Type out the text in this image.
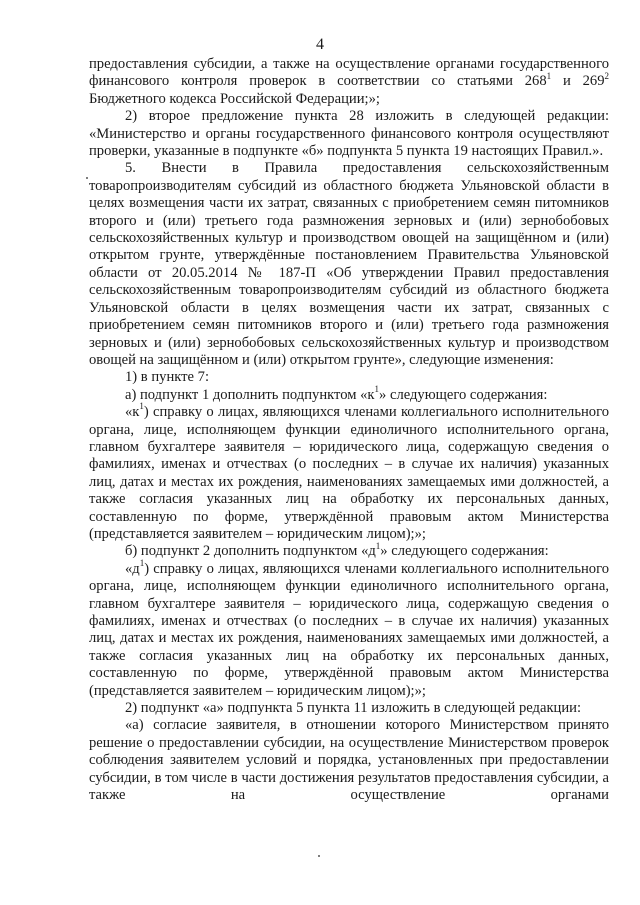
4

предоставления субсидии, а также на осуществление органами государственного финансового контроля проверок в соответствии со статьями $268^1$ и $269^2$ Бюджетного кодекса Российской Федерации;»;

2) второе предложение пункта 28 изложить в следующей редакции: «Министерство и органы государственного финансового контроля осуществляют проверки, указанные в подпункте «б» подпункта 5 пункта 19 настоящих Правил.».

5. Внести в Правила предоставления сельскохозяйственным товаропроизводителям субсидий из областного бюджета Ульяновской области в целях возмещения части их затрат, связанных с приобретением семян питомников второго и (или) третьего года размножения зерновых и (или) зернобобовых сельскохозяйственных культур и производством овощей на защищённом и (или) открытом грунте, утверждённые постановлением Правительства Ульяновской области от 20.05.2014 № 187-П «Об утверждении Правил предоставления сельскохозяйственным товаропроизводителям субсидий из областного бюджета Ульяновской области в целях возмещения части их затрат, связанных с приобретением семян питомников второго и (или) третьего года размножения зерновых и (или) зернобобовых сельскохозяйственных культур и производством овощей на защищённом и (или) открытом грунте», следующие изменения:

1) в пункте 7:

а) подпункт 1 дополнить подпунктом «$к^1$» следующего содержания:

«$к^1$) справку о лицах, являющихся членами коллегиального исполнительного органа, лице, исполняющем функции единоличного исполнительного органа, главном бухгалтере заявителя – юридического лица, содержащую сведения о фамилиях, именах и отчествах (о последних – в случае их наличия) указанных лиц, датах и местах их рождения, наименованиях замещаемых ими должностей, а также согласия указанных лиц на обработку их персональных данных, составленную по форме, утверждённой правовым актом Министерства (представляется заявителем – юридическим лицом);»;

б) подпункт 2 дополнить подпунктом «$д^1$» следующего содержания:

«$д^1$) справку о лицах, являющихся членами коллегиального исполнительного органа, лице, исполняющем функции единоличного исполнительного органа, главном бухгалтере заявителя – юридического лица, содержащую сведения о фамилиях, именах и отчествах (о последних – в случае их наличия) указанных лиц, датах и местах их рождения, наименованиях замещаемых ими должностей, а также согласия указанных лиц на обработку их персональных данных, составленную по форме, утверждённой правовым актом Министерства (представляется заявителем – юридическим лицом);»;

2) подпункт «а» подпункта 5 пункта 11 изложить в следующей редакции:

«а) согласие заявителя, в отношении которого Министерством принято решение о предоставлении субсидии, на осуществление Министерством проверок соблюдения заявителем условий и порядка, установленных при предоставлении субсидии, в том числе в части достижения результатов предоставления субсидии, а также на осуществление органами
